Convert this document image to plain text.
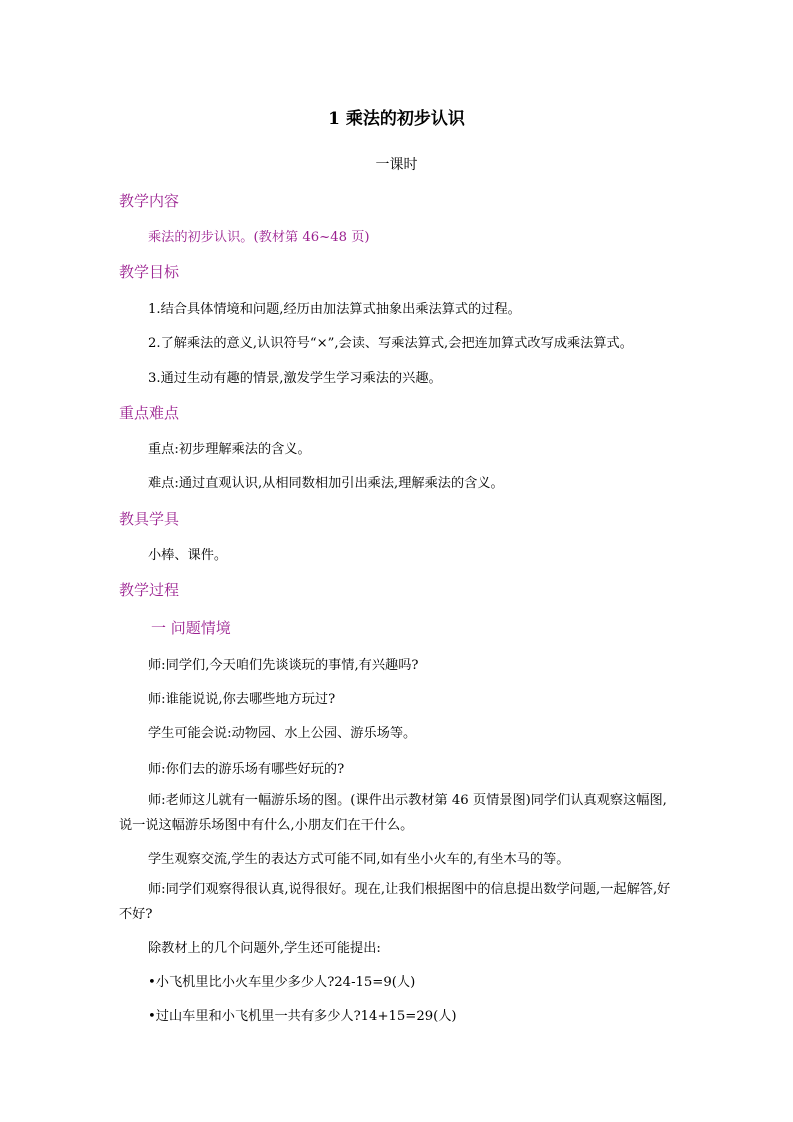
1 乘法的初步认识
一课时
教学内容
乘法的初步认识。(教材第 46~48 页)
教学目标
1.结合具体情境和问题,经历由加法算式抽象出乘法算式的过程。
2.了解乘法的意义,认识符号“×”,会读、写乘法算式,会把连加算式改写成乘法算式。
3.通过生动有趣的情景,激发学生学习乘法的兴趣。
重点难点
重点:初步理解乘法的含义。
难点:通过直观认识,从相同数相加引出乘法,理解乘法的含义。
教具学具
小棒、课件。
教学过程
一 问题情境
师:同学们,今天咱们先谈谈玩的事情,有兴趣吗?
师:谁能说说,你去哪些地方玩过?
学生可能会说:动物园、水上公园、游乐场等。
师:你们去的游乐场有哪些好玩的?
师:老师这儿就有一幅游乐场的图。(课件出示教材第 46 页情景图)同学们认真观察这幅图,说一说这幅游乐场图中有什么,小朋友们在干什么。
学生观察交流,学生的表达方式可能不同,如有坐小火车的,有坐木马的等。
师:同学们观察得很认真,说得很好。现在,让我们根据图中的信息提出数学问题,一起解答,好不好?
除教材上的几个问题外,学生还可能提出:
•小飞机里比小火车里少多少人?24-15=9(人)
•过山车里和小飞机里一共有多少人?14+15=29(人)
